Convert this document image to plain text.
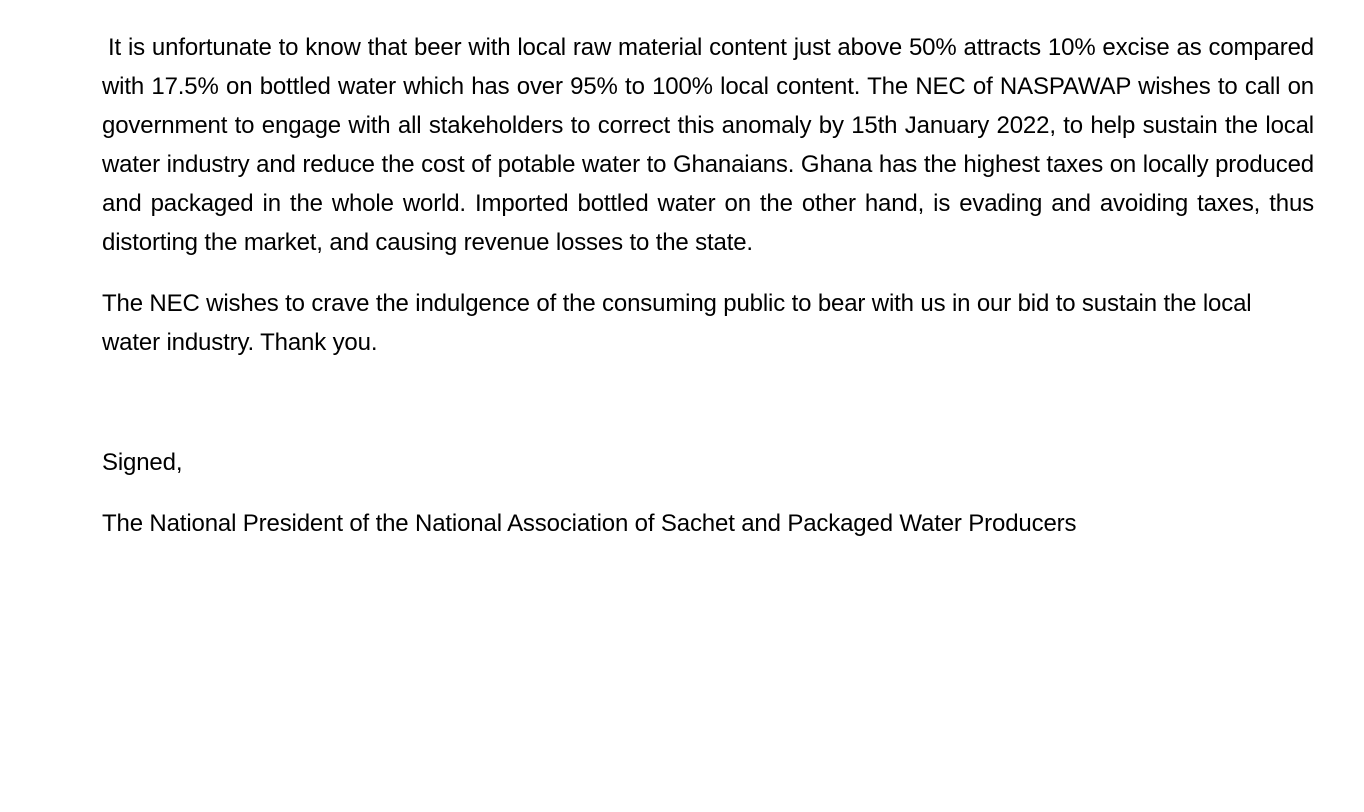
It is unfortunate to know that beer with local raw material content just above 50% attracts 10% excise as compared with 17.5% on bottled water which has over 95% to 100% local content. The NEC of NASPAWAP wishes to call on government to engage with all stakeholders to correct this anomaly by 15th January 2022, to help sustain the local water industry and reduce the cost of potable water to Ghanaians. Ghana has the highest taxes on locally produced and packaged in the whole world. Imported bottled water on the other hand, is evading and avoiding taxes, thus distorting the market, and causing revenue losses to the state.

The NEC wishes to crave the indulgence of the consuming public to bear with us in our bid to sustain the local water industry. Thank you.

Signed,

The National President of the National Association of Sachet and Packaged Water Producers
